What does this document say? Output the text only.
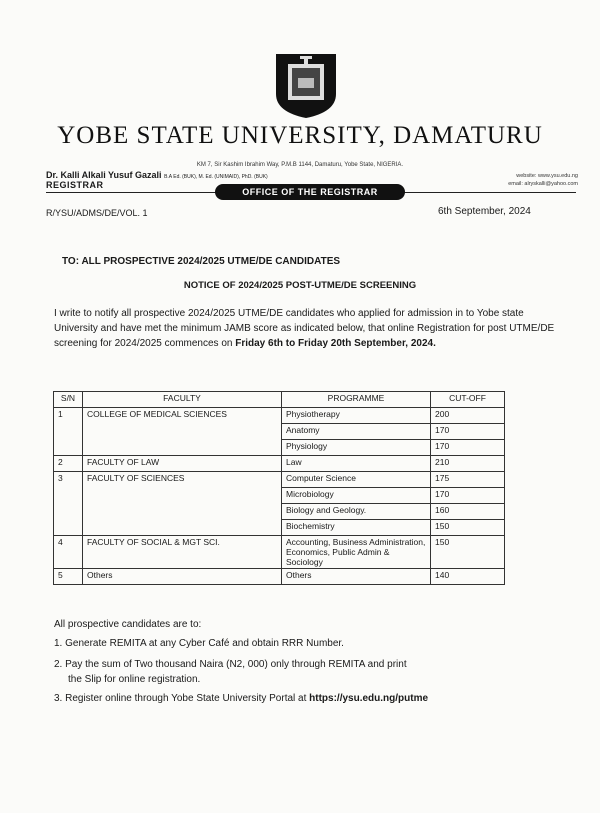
YOBE STATE UNIVERSITY, DAMATURU
KM 7, Sir Kashim Ibrahim Way, P.M.B 1144, Damaturu, Yobe State, NIGERIA.
Dr. Kalli Alkali Yusuf Gazali B.A Ed. (BUK), M. Ed. (UNIMAID), PhD. (BUK)
REGISTRAR
website: www.ysu.edu.ng
email: alryskalli@yahoo.com
OFFICE OF THE REGISTRAR
R/YSU/ADMS/DE/VOL. 1	6th September, 2024
TO: ALL PROSPECTIVE 2024/2025 UTME/DE CANDIDATES
NOTICE OF 2024/2025 POST-UTME/DE SCREENING
I write to notify all prospective 2024/2025 UTME/DE candidates who applied for admission in to Yobe state University and have met the minimum JAMB score as indicated below, that online Registration for post UTME/DE screening for 2024/2025 commences on Friday 6th to Friday 20th September, 2024.
S/N	FACULTY	PROGRAMME	CUT-OFF
1	COLLEGE OF MEDICAL SCIENCES	Physiotherapy	200
		Anatomy	170
		Physiology	170
2	FACULTY OF LAW	Law	210
3	FACULTY OF SCIENCES	Computer Science	175
		Microbiology	170
		Biology and Geology.	160
		Biochemistry	150
4	FACULTY OF SOCIAL & MGT SCI.	Accounting, Business Administration, Economics, Public Admin & Sociology	150
5	Others	Others	140
All prospective candidates are to:
1. Generate REMITA at any Cyber Café and obtain RRR Number.
2. Pay the sum of Two thousand Naira (N2, 000) only through REMITA and print
the Slip for online registration.
3. Register online through Yobe State University Portal at https://ysu.edu.ng/putme
